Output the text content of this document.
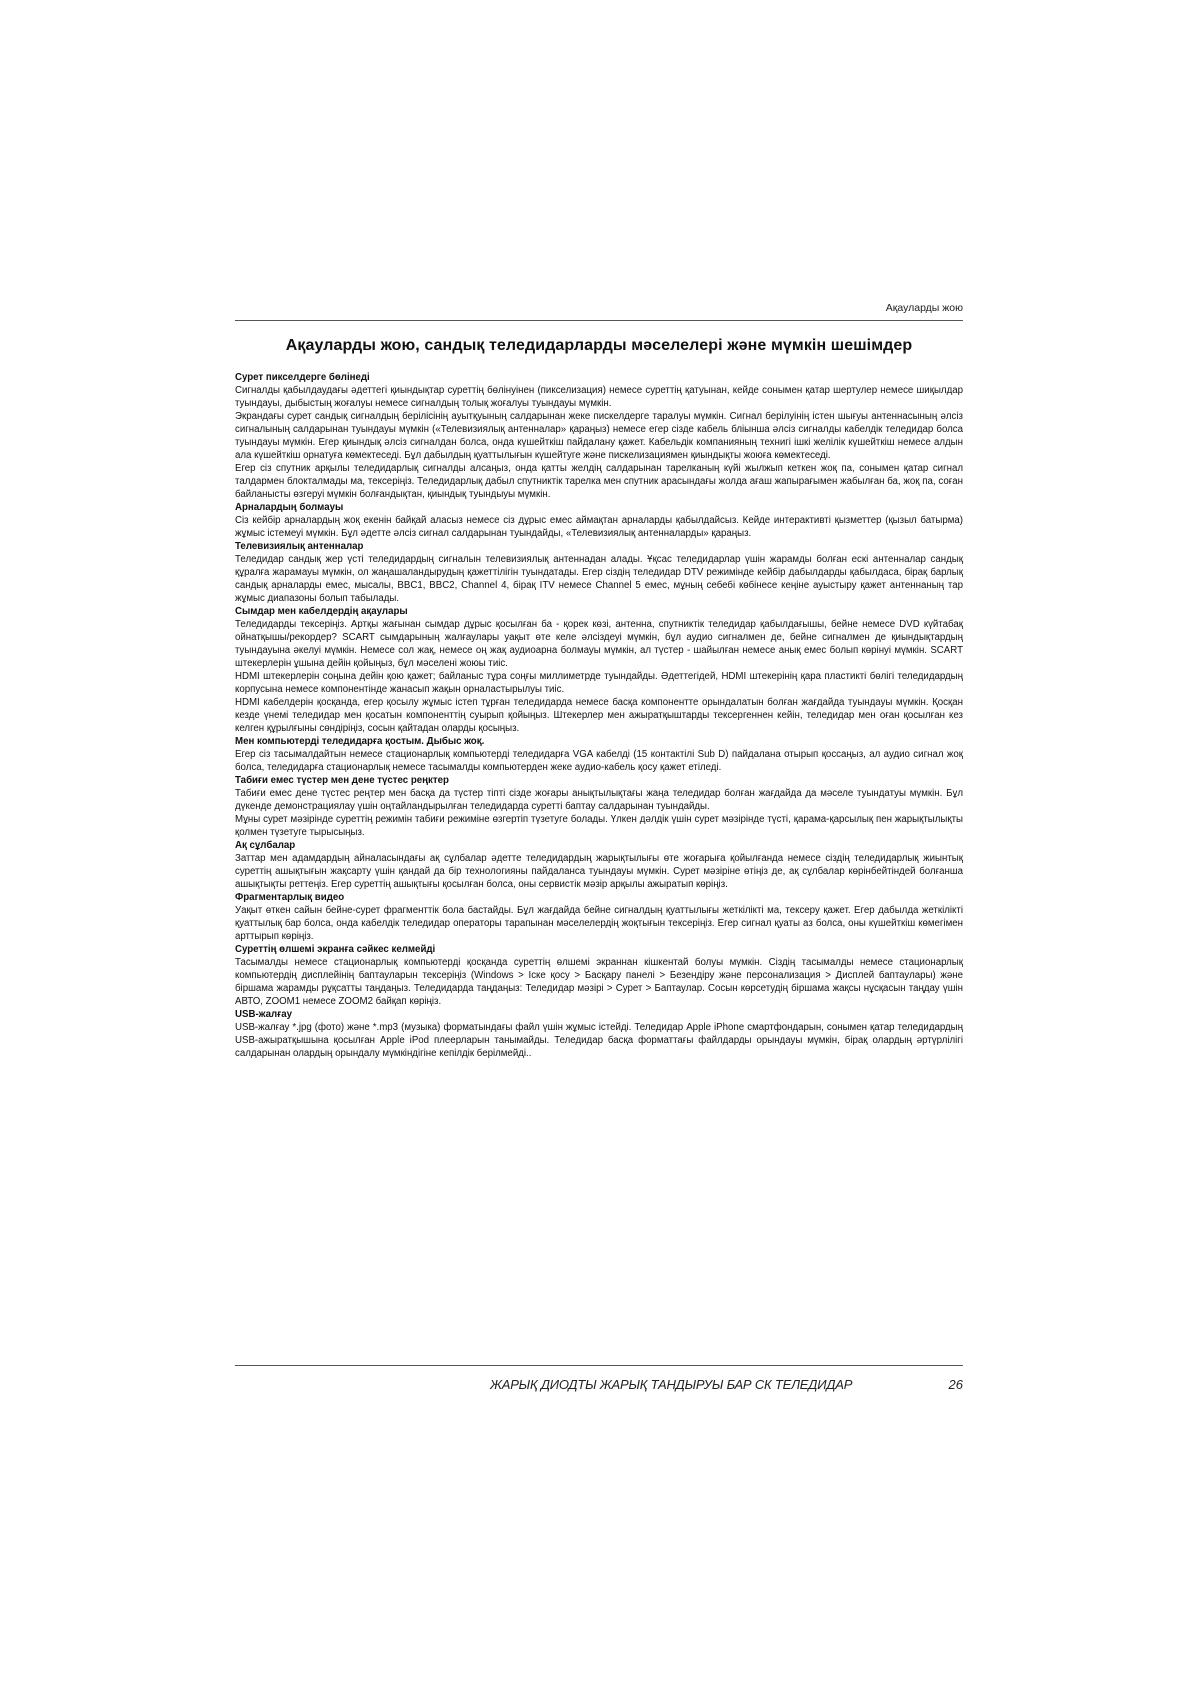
Ақауларды жою
Ақауларды жою, сандық теледидарларды мәселелері және мүмкін шешімдер
Сурет пикселдерге бөлінеді

Сигналды қабылдаудағы әдеттегі қиындықтар суреттің бөлінуінен (пикселизация) немесе суреттің қатуынан, кейде сонымен қатар шертулер немесе шиқылдар туындауы, дыбыстың жоғалуы немесе сигналдың толық жоғалуы туындауы мүмкін.

Экрандағы сурет сандық сигналдың берілісінің ауытқуының салдарынан жеке пискелдерге таралуы мүмкін. Сигнал берілуінің істен шығуы антеннасының әлсіз сигналының салдарынан туындауы мүмкін («Телевизиялық антенналар» қараңыз) немесе егер сізде кабель бліынша әлсіз сигналды кабелдік теледидар болса туындауы мүмкін. Егер қиындық әлсіз сигналдан болса, онда күшейткіш пайдалану қажет. Кабельдік компанияның технигі ішкі желілік күшейткіш немесе алдын ала күшейткіш орнатуға көмектеседі. Бұл дабылдың қуаттылығын күшейтуге және пискелизациямен қиындықты жоюға көмектеседі.

Егер сіз спутник арқылы теледидарлық сигналды алсаңыз, онда қатты желдің салдарынан тарелканың күйі жылжып кеткен жоқ па, сонымен қатар сигнал талдармен блокталмады ма, тексеріңіз. Теледидарлық дабыл спутниктік тарелка мен спутник арасындағы жолда ағаш жапырағымен жабылған ба, жоқ па, соған байланысты өзгеруі мүмкін болғандықтан, қиындық туындыуы мүмкін.

Арналардың болмауы

Сіз кейбір арналардың жоқ екенін байқай аласыз немесе сіз дұрыс емес аймақтан арналарды қабылдайсыз. Кейде интерактивті қызметтер (қызыл батырма) жұмыс істемеуі мүмкін. Бұл әдетте әлсіз сигнал салдарынан туындайды, «Телевизиялық антенналарды» қараңыз.

Телевизиялық антенналар

Теледидар сандық жер үсті теледидардың сигналын телевизиялық антеннадан алады. Ұқсас теледидарлар үшін жарамды болған ескі антенналар сандық құралға жарамауы мүмкін, ол жаңашаландырудың қажеттілігін туындатады. Егер сіздің теледидар DTV режимінде кейбір дабылдарды қабылдаса, бірақ барлық сандық арналарды емес, мысалы, BBC1, BBC2, Channel 4, бірақ ITV немесе Channel 5 емес, мұның себебі көбінесе кеңіне ауыстыру қажет антеннаның тар жұмыс диапазоны болып табылады.

Сымдар мен кабелдердің ақаулары

Теледидарды тексеріңіз. Артқы жағынан сымдар дұрыс қосылған ба - қорек көзі, антенна, спутниктік теледидар қабылдағышы, бейне немесе DVD күйтабақ ойнатқышы/рекордер? SCART сымдарының жалғаулары уақыт өте келе әлсіздеуі мүмкін, бұл аудио сигналмен де, бейне сигналмен де қиындықтардың туындауына әкелуі мүмкін. Немесе сол жақ, немесе оң жақ аудиоарна болмауы мүмкін, ал түстер - шайылған немесе анық емес болып көрінуі мүмкін. SCART штекерлерін ұшына дейін қойыңыз, бұл мәселені жоюы тиіс.

HDMI штекерлерін соңына дейін қою қажет; байланыс тұра соңғы миллиметрде туындайды. Әдеттегідей, HDMI штекерінің қара пластикті бөлігі теледидардың корпусына немесе компонентінде жанасып жақын орналастырылуы тиіс.

HDMI кабелдерін қосқанда, егер қосылу жұмыс істеп тұрған теледидарда немесе басқа компонентте орындалатын болған жағдайда туындауы мүмкін. Қосқан кезде үнемі теледидар мен қосатын компоненттің суырып қойыңыз. Штекерлер мен ажыратқыштарды тексергеннен кейін, теледидар мен оған қосылған кез келген құрылғыны сөндіріңіз, сосын қайтадан оларды қосыңыз.

Мен компьютерді теледидарға қостым. Дыбыс жоқ.

Егер сіз тасымалдайтын немесе стационарлық компьютерді теледидарға VGA кабелді (15 контактілі Sub D) пайдалана отырып қоссаңыз, ал аудио сигнал жоқ болса, теледидарға стационарлық немесе тасымалды компьютерден жеке аудио-кабель қосу қажет етіледі.

Табиғи емес түстер мен дене түстес реңктер

Табиғи емес дене түстес реңтер мен басқа да түстер тіпті сізде жоғары анықтылықтағы жаңа теледидар болған жағдайда да мәселе туындатуы мүмкін. Бұл дүкенде демонстрациялау үшін оңтайландырылған теледидарда суретті баптау салдарынан туындайды.

Мұны сурет мәзірінде суреттің режимін табиғи режиміне өзгертіп түзетуге болады. Үлкен дәлдік үшін сурет мәзірінде түсті, қарама-қарсылық пен жарықтылықты қолмен түзетуге тырысыңыз.

Ақ сұлбалар

Заттар мен адамдардың айналасындағы ақ сұлбалар әдетте теледидардың жарықтылығы өте жоғарыға қойылғанда немесе сіздің теледидарлық жиынтық суреттің ашықтығын жақсарту үшін қандай да бір технологияны пайдаланса туындауы мүмкін. Сурет мәзіріне өтіңіз де, ақ сұлбалар көрінбейтіндей болғанша ашықтықты реттеңіз. Егер суреттің ашықтығы қосылған болса, оны сервистік мәзір арқылы ажыратып көріңіз.

Фрагментарлық видео

Уақыт өткен сайын бейне-сурет фрагменттік бола бастайды. Бұл жағдайда бейне сигналдың қуаттылығы жеткілікті ма, тексеру қажет. Егер дабылда жеткілікті қуаттылық бар болса, онда кабелдік теледидар операторы тарапынан мәселелердің жоқтығын тексеріңіз. Егер сигнал қуаты аз болса, оны күшейткіш көмегімен арттырып көріңіз.

Суреттің өлшемі экранға сәйкес келмейді

Тасымалды немесе стационарлық компьютерді қосқанда суреттің өлшемі экраннан кішкентай болуы мүмкін. Сіздің тасымалды немесе стационарлық компьютердің дисплейінің баптауларын тексеріңіз (Windows > Іске қосу > Басқару панелі > Безендіру және персонализация > Дисплей баптаулары) және біршама жарамды рұқсатты таңдаңыз. Теледидарда таңдаңыз: Теледидар мәзірі > Сурет > Баптаулар. Сосын көрсетудің біршама жақсы нұсқасын таңдау үшін АВТО, ZOOM1 немесе ZOOM2 байқап көріңіз.

USB-жалғау

USB-жалғау *.jpg (фото) және *.mp3 (музыка) форматындағы файл үшін жұмыс істейді. Теледидар Apple iPhone смартфондарын, сонымен қатар теледидардың USB-ажыратқышына қосылған Apple iPod плеерларын танымайды. Теледидар басқа форматтағы файлдарды орындауы мүмкін, бірақ олардың әртүрлілігі салдарынан олардың орындалу мүмкіндігіне кепілдік берілмейді..

ЖАРЫҚ ДИОДТЫ ЖАРЫҚ ТАНДЫРУЫ БАР СК ТЕЛЕДИДАР	26
